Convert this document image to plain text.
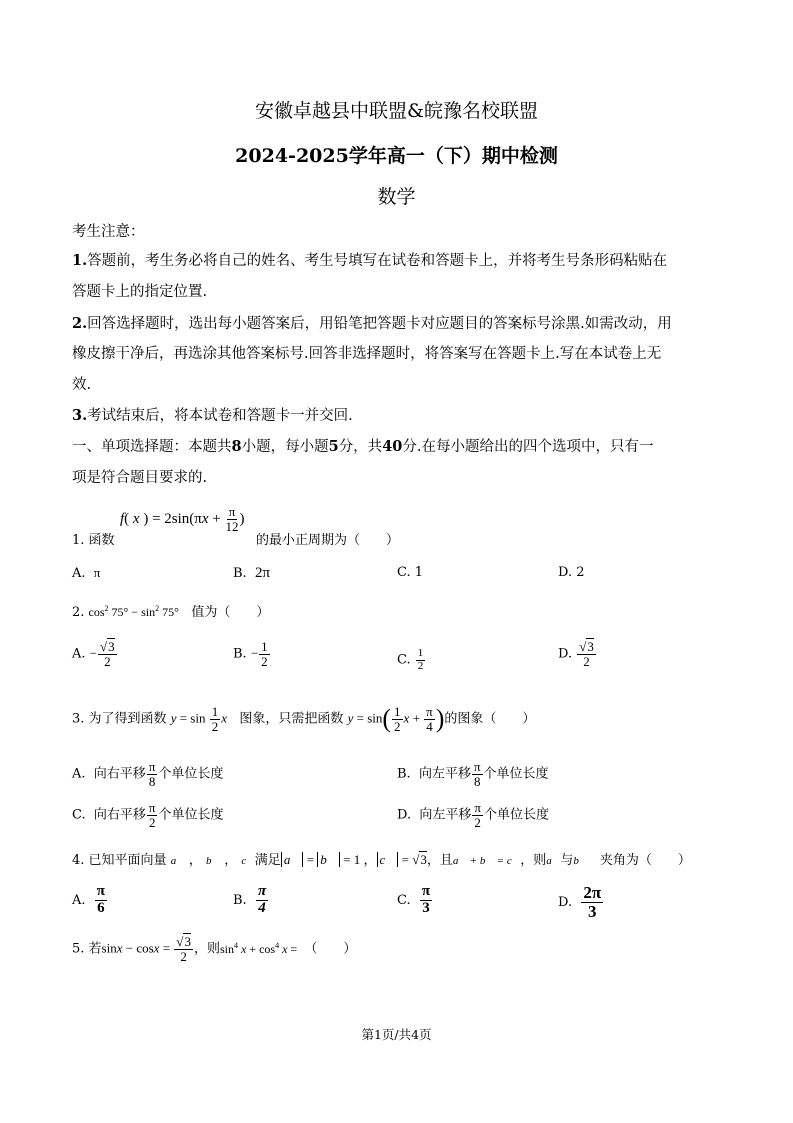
安徽卓越县中联盟&皖豫名校联盟
2024-2025学年高一（下）期中检测
数学
考生注意：
1.答题前，考生务必将自己的姓名、考生号填写在试卷和答题卡上，并将考生号条形码粘贴在
答题卡上的指定位置.
2.回答选择题时，选出每小题答案后，用铅笔把答题卡对应题目的答案标号涂黑.如需改动，用
橡皮擦干净后，再选涂其他答案标号.回答非选择题时，将答案写在答题卡上.写在本试卷上无
效.
3.考试结束后，将本试卷和答题卡一并交回.
一、单项选择题：本题共8小题，每小题5分，共40分.在每小题给出的四个选项中，只有一
项是符合题目要求的.
1. 函数
f( x ) = $2\sin(\pi x + \frac{\pi}{12}$ )
的最小正周期为（　　）
A. π	B. 2π	C. 1	D. 2
2. $\cos^2 75^\circ - \sin^2 75^\circ$ 值为（　　）
A. − $\frac{√3}{2}$	B. − $\frac{1}{2}$	C. $\frac{1}{2}$	D. $\frac{√3}{2}$
3. 为了得到函数 $y = \sin \frac{1}{2}$ x 图象，只需把函数 $y = \sin( \frac{1}{2}$ $x + \frac{\pi}{4}$ )的图象（　　）
A. 向右平移 $\frac{\pi}{8}$ 个单位长度	B. 向左平移 $\frac{\pi}{8}$ 个单位长度
C. 向右平移 $\frac{\pi}{2}$ 个单位长度	D. 向左平移 $\frac{\pi}{2}$ 个单位长度
4. 已知平面向量 a⃗ ， b⃗ ， c⃗满足 a⃗ = b⃗ = 1 ， c⃗ = √3，且a⃗ + b⃗ = c⃗，则a⃗与b⃗ 夹角为（　　）
A. $\frac{\pi}{6}$	B. $\frac{\pi}{4}$	C. $\frac{\pi}{3}$	D. $\frac{2\pi}{3}$
5. 若$\sin x - \cos x = \frac{√3}{2}$ ，则$\sin^4 x + \cos^4 x$ =  （　　）
第1页/共4页
